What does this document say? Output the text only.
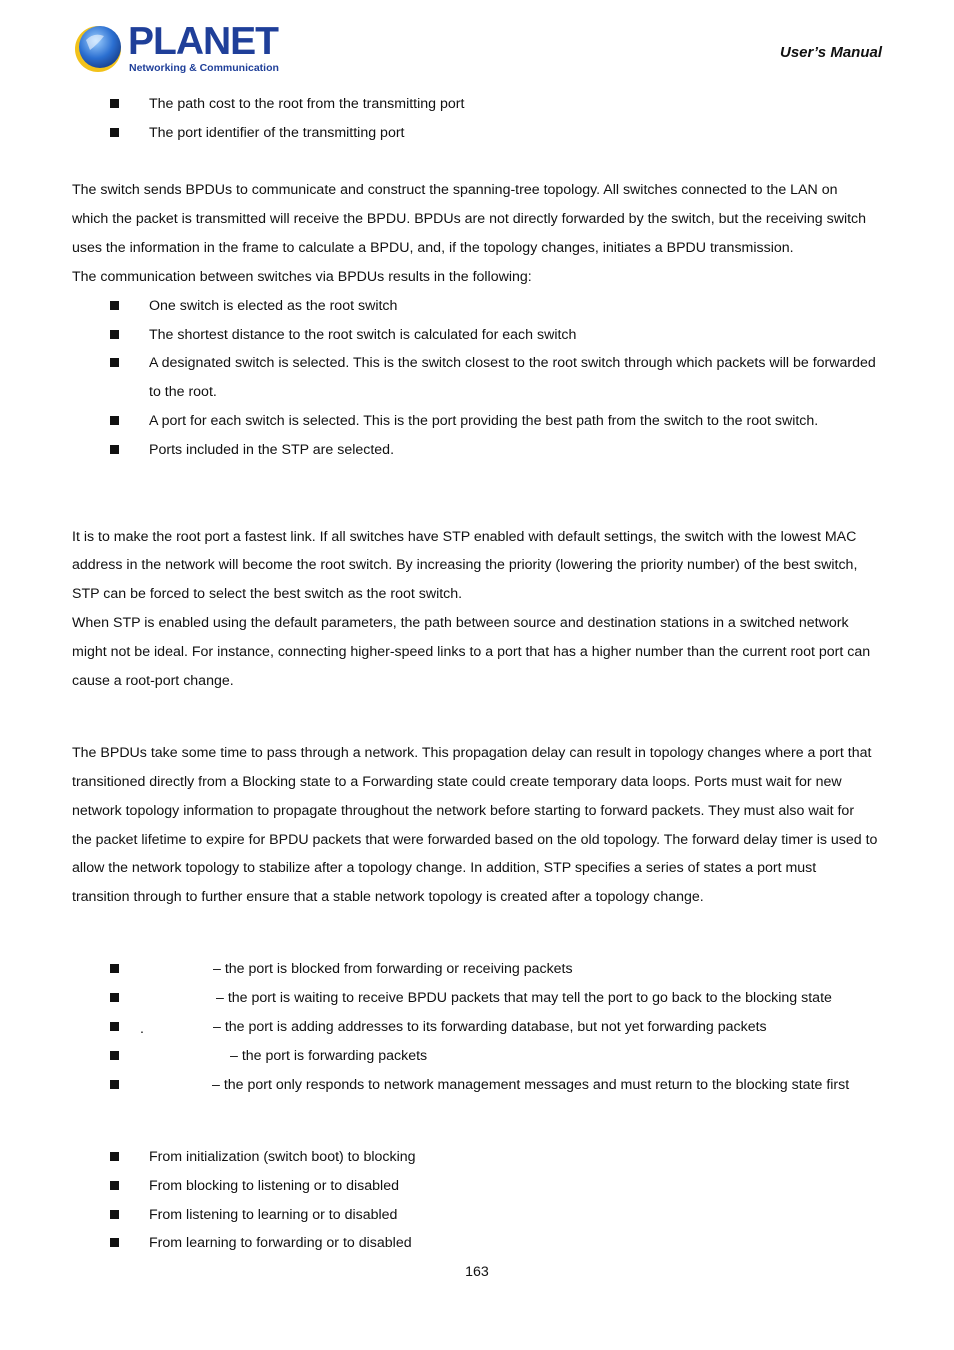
PLANET
Networking & Communication
User’s Manual
The path cost to the root from the transmitting port
The port identifier of the transmitting port
The switch sends BPDUs to communicate and construct the spanning-tree topology. All switches connected to the LAN on
which the packet is transmitted will receive the BPDU. BPDUs are not directly forwarded by the switch, but the receiving switch
uses the information in the frame to calculate a BPDU, and, if the topology changes, initiates a BPDU transmission.
The communication between switches via BPDUs results in the following:
One switch is elected as the root switch
The shortest distance to the root switch is calculated for each switch
A designated switch is selected. This is the switch closest to the root switch through which packets will be forwarded
to the root.
A port for each switch is selected. This is the port providing the best path from the switch to the root switch.
Ports included in the STP are selected.
It is to make the root port a fastest link. If all switches have STP enabled with default settings, the switch with the lowest MAC
address in the network will become the root switch. By increasing the priority (lowering the priority number) of the best switch,
STP can be forced to select the best switch as the root switch.
When STP is enabled using the default parameters, the path between source and destination stations in a switched network
might not be ideal. For instance, connecting higher-speed links to a port that has a higher number than the current root port can
cause a root-port change.
The BPDUs take some time to pass through a network. This propagation delay can result in topology changes where a port that
transitioned directly from a Blocking state to a Forwarding state could create temporary data loops. Ports must wait for new
network topology information to propagate throughout the network before starting to forward packets. They must also wait for
the packet lifetime to expire for BPDU packets that were forwarded based on the old topology. The forward delay timer is used to
allow the network topology to stabilize after a topology change. In addition, STP specifies a series of states a port must
transition through to further ensure that a stable network topology is created after a topology change.
– the port is blocked from forwarding or receiving packets
– the port is waiting to receive BPDU packets that may tell the port to go back to the blocking state
.	– the port is adding addresses to its forwarding database, but not yet forwarding packets
– the port is forwarding packets
– the port only responds to network management messages and must return to the blocking state first
From initialization (switch boot) to blocking
From blocking to listening or to disabled
From listening to learning or to disabled
From learning to forwarding or to disabled
163
